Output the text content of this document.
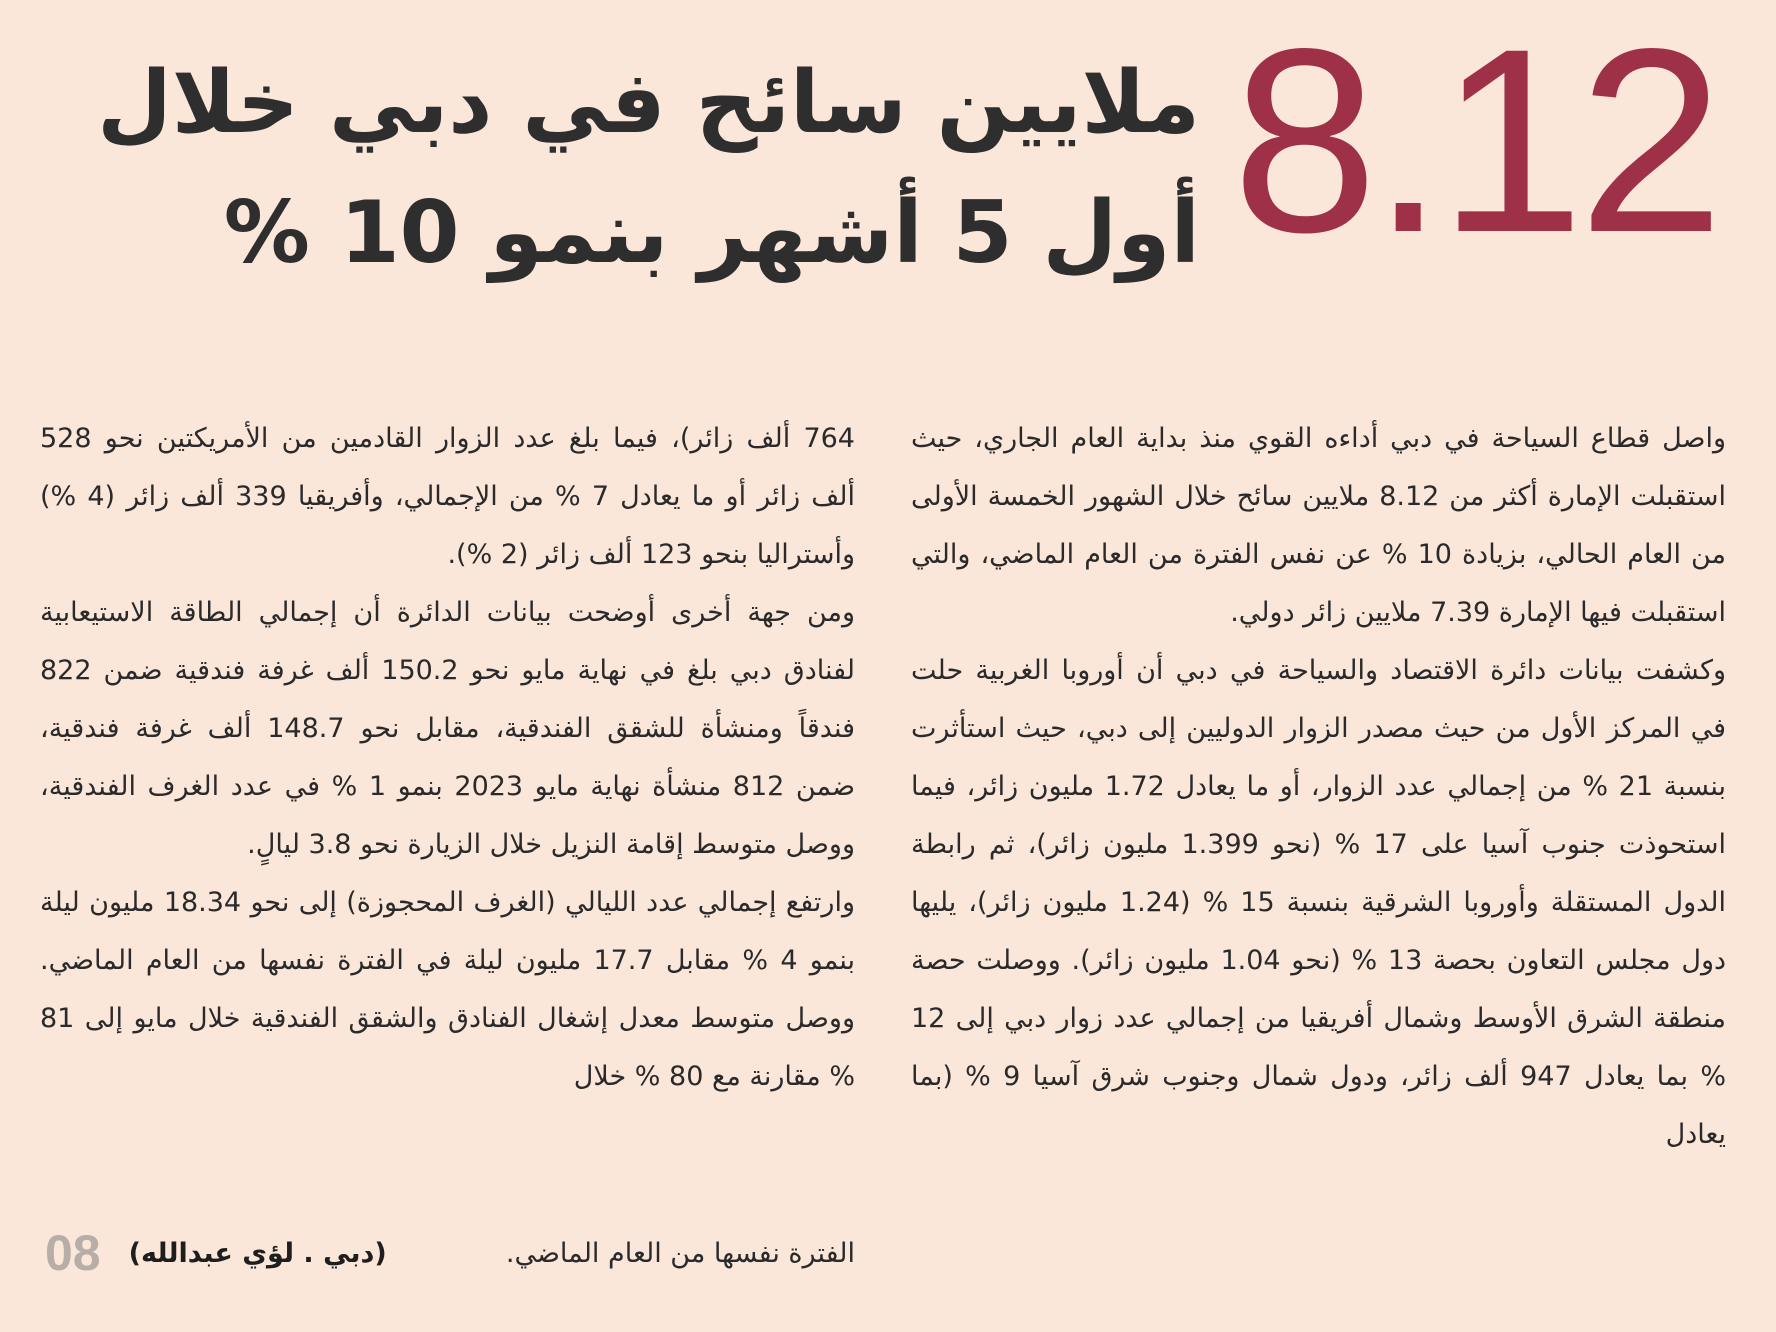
8.12
ملايين سائح في دبي خلال
أول 5 أشهر بنمو 10 %

واصل قطاع السياحة في دبي أداءه القوي منذ بداية العام الجاري، حيث استقبلت الإمارة أكثر من 8.12 ملايين سائح خلال الشهور الخمسة الأولى من العام الحالي، بزيادة 10 % عن نفس الفترة من العام الماضي، والتي استقبلت فيها الإمارة 7.39 ملايين زائر دولي.

وكشفت بيانات دائرة الاقتصاد والسياحة في دبي أن أوروبا الغربية حلت في المركز الأول من حيث مصدر الزوار الدوليين إلى دبي، حيث استأثرت بنسبة 21 % من إجمالي عدد الزوار، أو ما يعادل 1.72 مليون زائر، فيما استحوذت جنوب آسيا على 17 % (نحو 1.399 مليون زائر)، ثم رابطة الدول المستقلة وأوروبا الشرقية بنسبة 15 % (1.24 مليون زائر)، يليها دول مجلس التعاون بحصة 13 % (نحو 1.04 مليون زائر). ووصلت حصة منطقة الشرق الأوسط وشمال أفريقيا من إجمالي عدد زوار دبي إلى 12 % بما يعادل 947 ألف زائر، ودول شمال وجنوب شرق آسيا 9 % (بما يعادل

764 ألف زائر)، فيما بلغ عدد الزوار القادمين من الأمريكتين نحو 528 ألف زائر أو ما يعادل 7 % من الإجمالي، وأفريقيا 339 ألف زائر (4 %) وأستراليا بنحو 123 ألف زائر (2 %).

ومن جهة أخرى أوضحت بيانات الدائرة أن إجمالي الطاقة الاستيعابية لفنادق دبي بلغ في نهاية مايو نحو 150.2 ألف غرفة فندقية ضمن 822 فندقاً ومنشأة للشقق الفندقية، مقابل نحو 148.7 ألف غرفة فندقية، ضمن 812 منشأة نهاية مايو 2023 بنمو 1 % في عدد الغرف الفندقية، ووصل متوسط إقامة النزيل خلال الزيارة نحو 3.8 ليالٍ.

وارتفع إجمالي عدد الليالي (الغرف المحجوزة) إلى نحو 18.34 مليون ليلة بنمو 4 % مقابل 17.7 مليون ليلة في الفترة نفسها من العام الماضي. ووصل متوسط معدل إشغال الفنادق والشقق الفندقية خلال مايو إلى 81 % مقارنة مع 80 % خلال

الفترة نفسها من العام الماضي.
08 (دبي . لؤي عبدالله)
